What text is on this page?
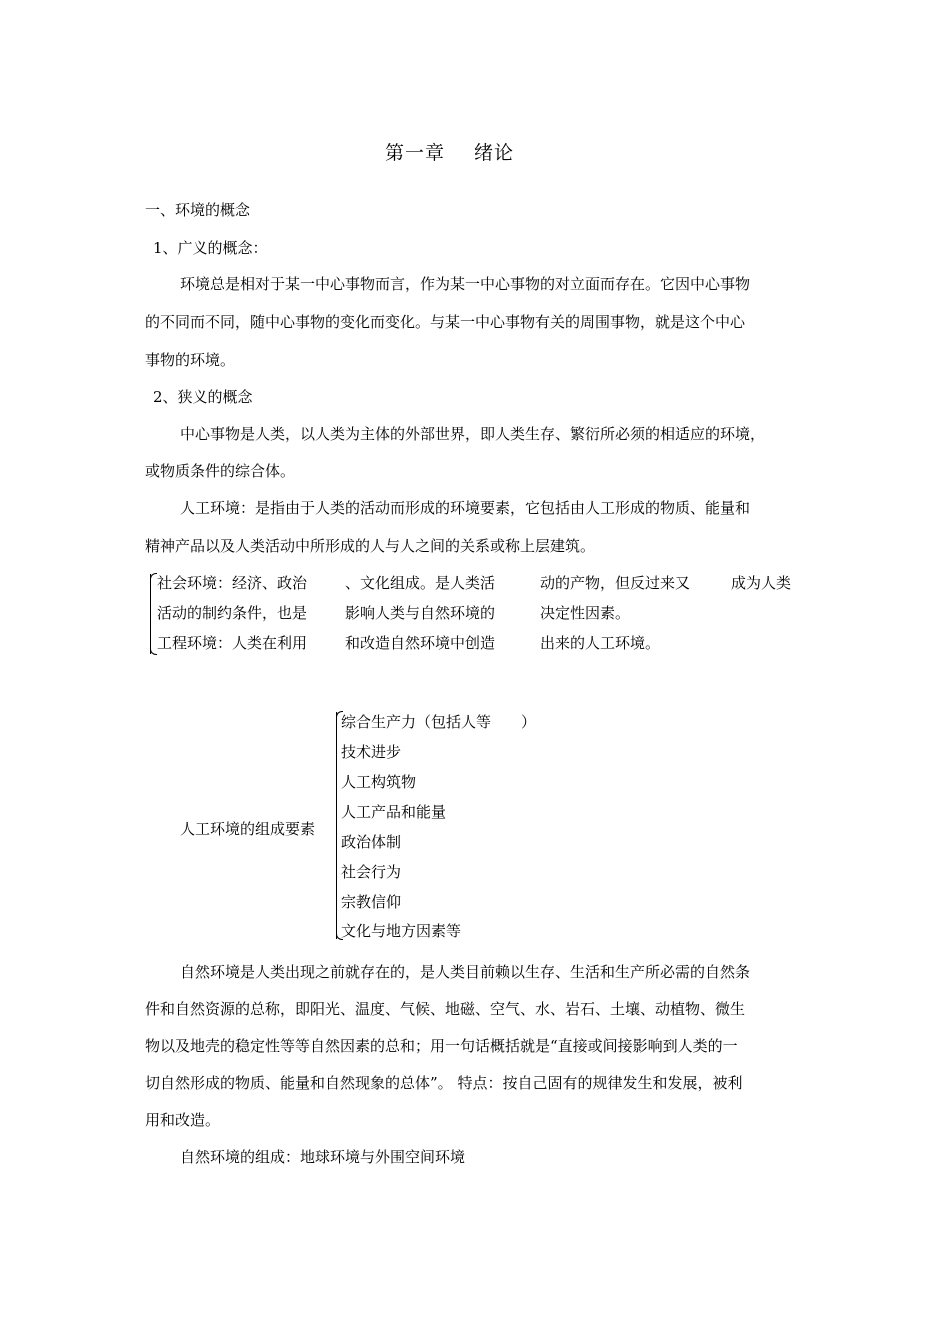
第一章 绪论
一、环境的概念
1、广义的概念：
环境总是相对于某一中心事物而言，作为某一中心事物的对立面而存在。它因中心事物
的不同而不同，随中心事物的变化而变化。与某一中心事物有关的周围事物，就是这个中心
事物的环境。
2、狭义的概念
中心事物是人类，以人类为主体的外部世界，即人类生存、繁衍所必须的相适应的环境，
或物质条件的综合体。
人工环境：是指由于人类的活动而形成的环境要素，它包括由人工形成的物质、能量和
精神产品以及人类活动中所形成的人与人之间的关系或称上层建筑。
社会环境：经济、政治	、文化组成。是人类活	动的产物，但反过来又	成为人类
活动的制约条件，也是	影响人类与自然环境的	决定性因素。
工程环境：人类在利用	和改造自然环境中创造	出来的人工环境。
人工环境的组成要素
综合生产力（包括人等　　）
技术进步
人工构筑物
人工产品和能量
政治体制
社会行为
宗教信仰
文化与地方因素等
自然环境是人类出现之前就存在的，是人类目前赖以生存、生活和生产所必需的自然条
件和自然资源的总称，即阳光、温度、气候、地磁、空气、水、岩石、土壤、动植物、微生
物以及地壳的稳定性等等自然因素的总和；用一句话概括就是“直接或间接影响到人类的一
切自然形成的物质、能量和自然现象的总体”。 特点：按自己固有的规律发生和发展，被利
用和改造。
自然环境的组成：地球环境与外围空间环境
